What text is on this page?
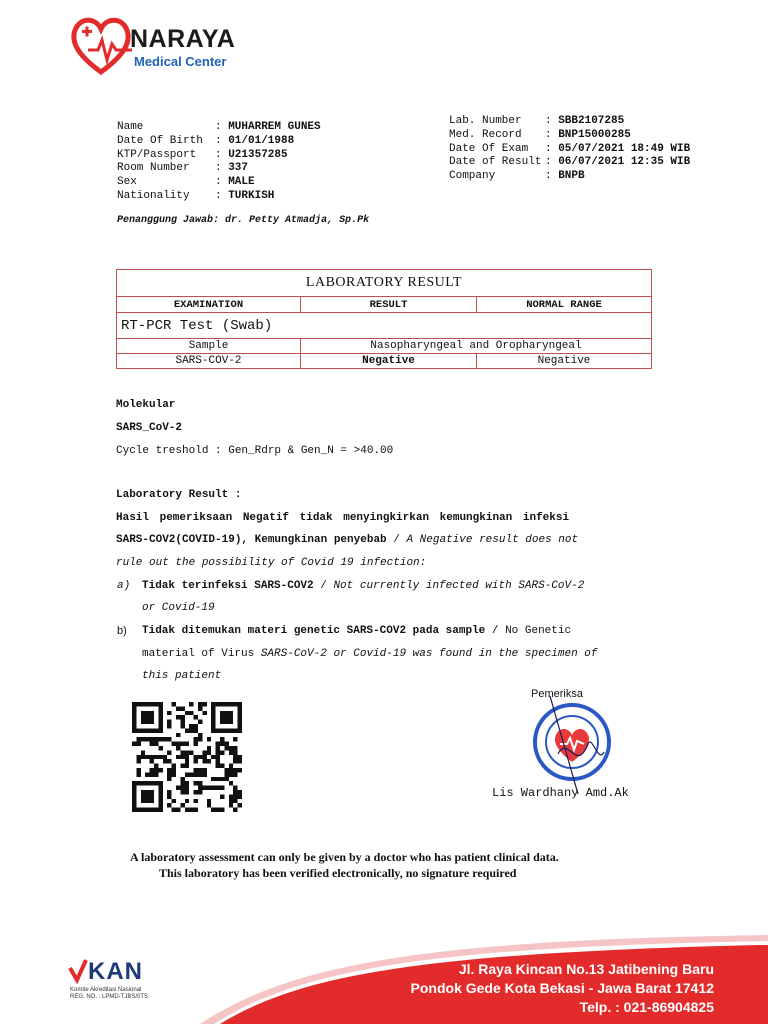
NARAYA
Medical Center
Name	: MUHARREM GUNES
Date Of Birth	: 01/01/1988
KTP/Passport	: U21357285
Room Number	: 337
Sex	: MALE
Nationality	: TURKISH
Lab. Number	: SBB2107285
Med. Record	: BNP15000285
Date Of Exam	: 05/07/2021 18:49 WIB
Date of Result : 06/07/2021 12:35 WIB
Company	: BNPB
Penanggung Jawab: dr. Petty Atmadja, Sp.Pk
LABORATORY RESULT		
EXAMINATION	RESULT	NORMAL RANGE
RT-PCR Test (Swab)		
Sample	Nasopharyngeal and Oropharyngeal	
SARS-COV-2	Negative	Negative
Molekular
SARS_CoV-2
Cycle treshold : Gen_Rdrp & Gen_N = >40.00
Laboratory Result :
Hasil pemeriksaan Negatif tidak menyingkirkan kemungkinan infeksi
SARS-COV2(COVID-19), Kemungkinan penyebab / A Negative result does not
rule out the possibility of Covid 19 infection:
a) Tidak terinfeksi SARS-COV2 / Not currently infected with SARS-CoV-2
or Covid-19
b) Tidak ditemukan materi genetic SARS-COV2 pada sample / No Genetic
material of Virus SARS-CoV-2 or Covid-19 was found in the specimen of
this patient
Pemeriksa
Lis Wardhany Amd.Ak
A laboratory assessment can only be given by a doctor who has patient clinical data.
This laboratory has been verified electronically, no signature required
KAN
Komite Akreditasi Nasional
REG. NO. : LPMD-TJBS/0TS
Jl. Raya Kincan No.13 Jatibening Baru
Pondok Gede Kota Bekasi - Jawa Barat 17412
Telp. : 021-86904825
